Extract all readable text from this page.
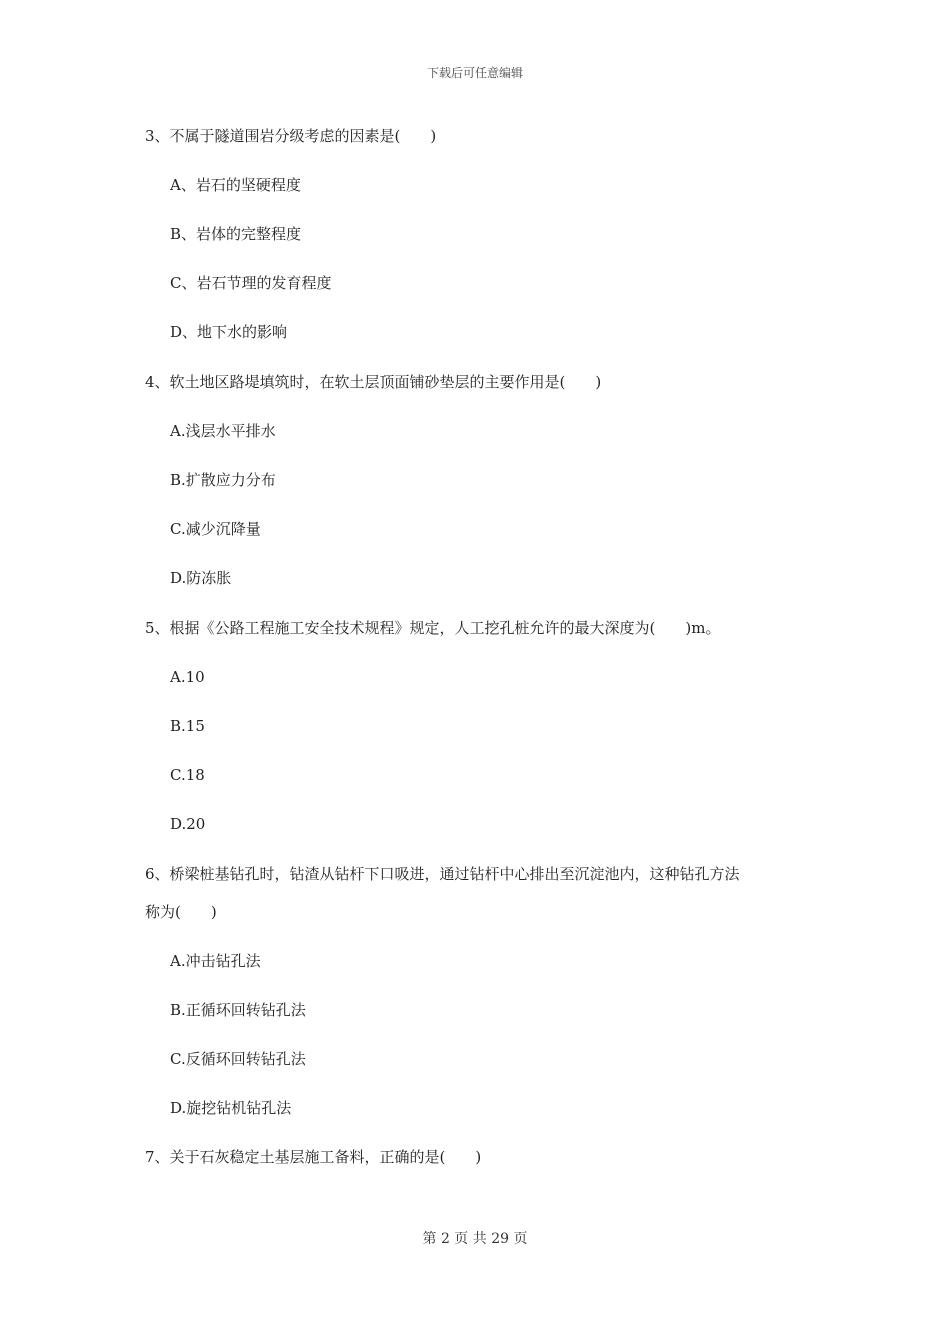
下载后可任意编辑
3、不属于隧道围岩分级考虑的因素是(　　)
A、岩石的坚硬程度
B、岩体的完整程度
C、岩石节理的发育程度
D、地下水的影响
4、软土地区路堤填筑时，在软土层顶面铺砂垫层的主要作用是(　　)
A.浅层水平排水
B.扩散应力分布
C.减少沉降量
D.防冻胀
5、根据《公路工程施工安全技术规程》规定，人工挖孔桩允许的最大深度为(　　)m。
A.10
B.15
C.18
D.20
6、桥梁桩基钻孔时，钻渣从钻杆下口吸进，通过钻杆中心排出至沉淀池内，这种钻孔方法
称为(　　)
A.冲击钻孔法
B.正循环回转钻孔法
C.反循环回转钻孔法
D.旋挖钻机钻孔法
7、关于石灰稳定土基层施工备料，正确的是(　　)
第 2 页 共 29 页
